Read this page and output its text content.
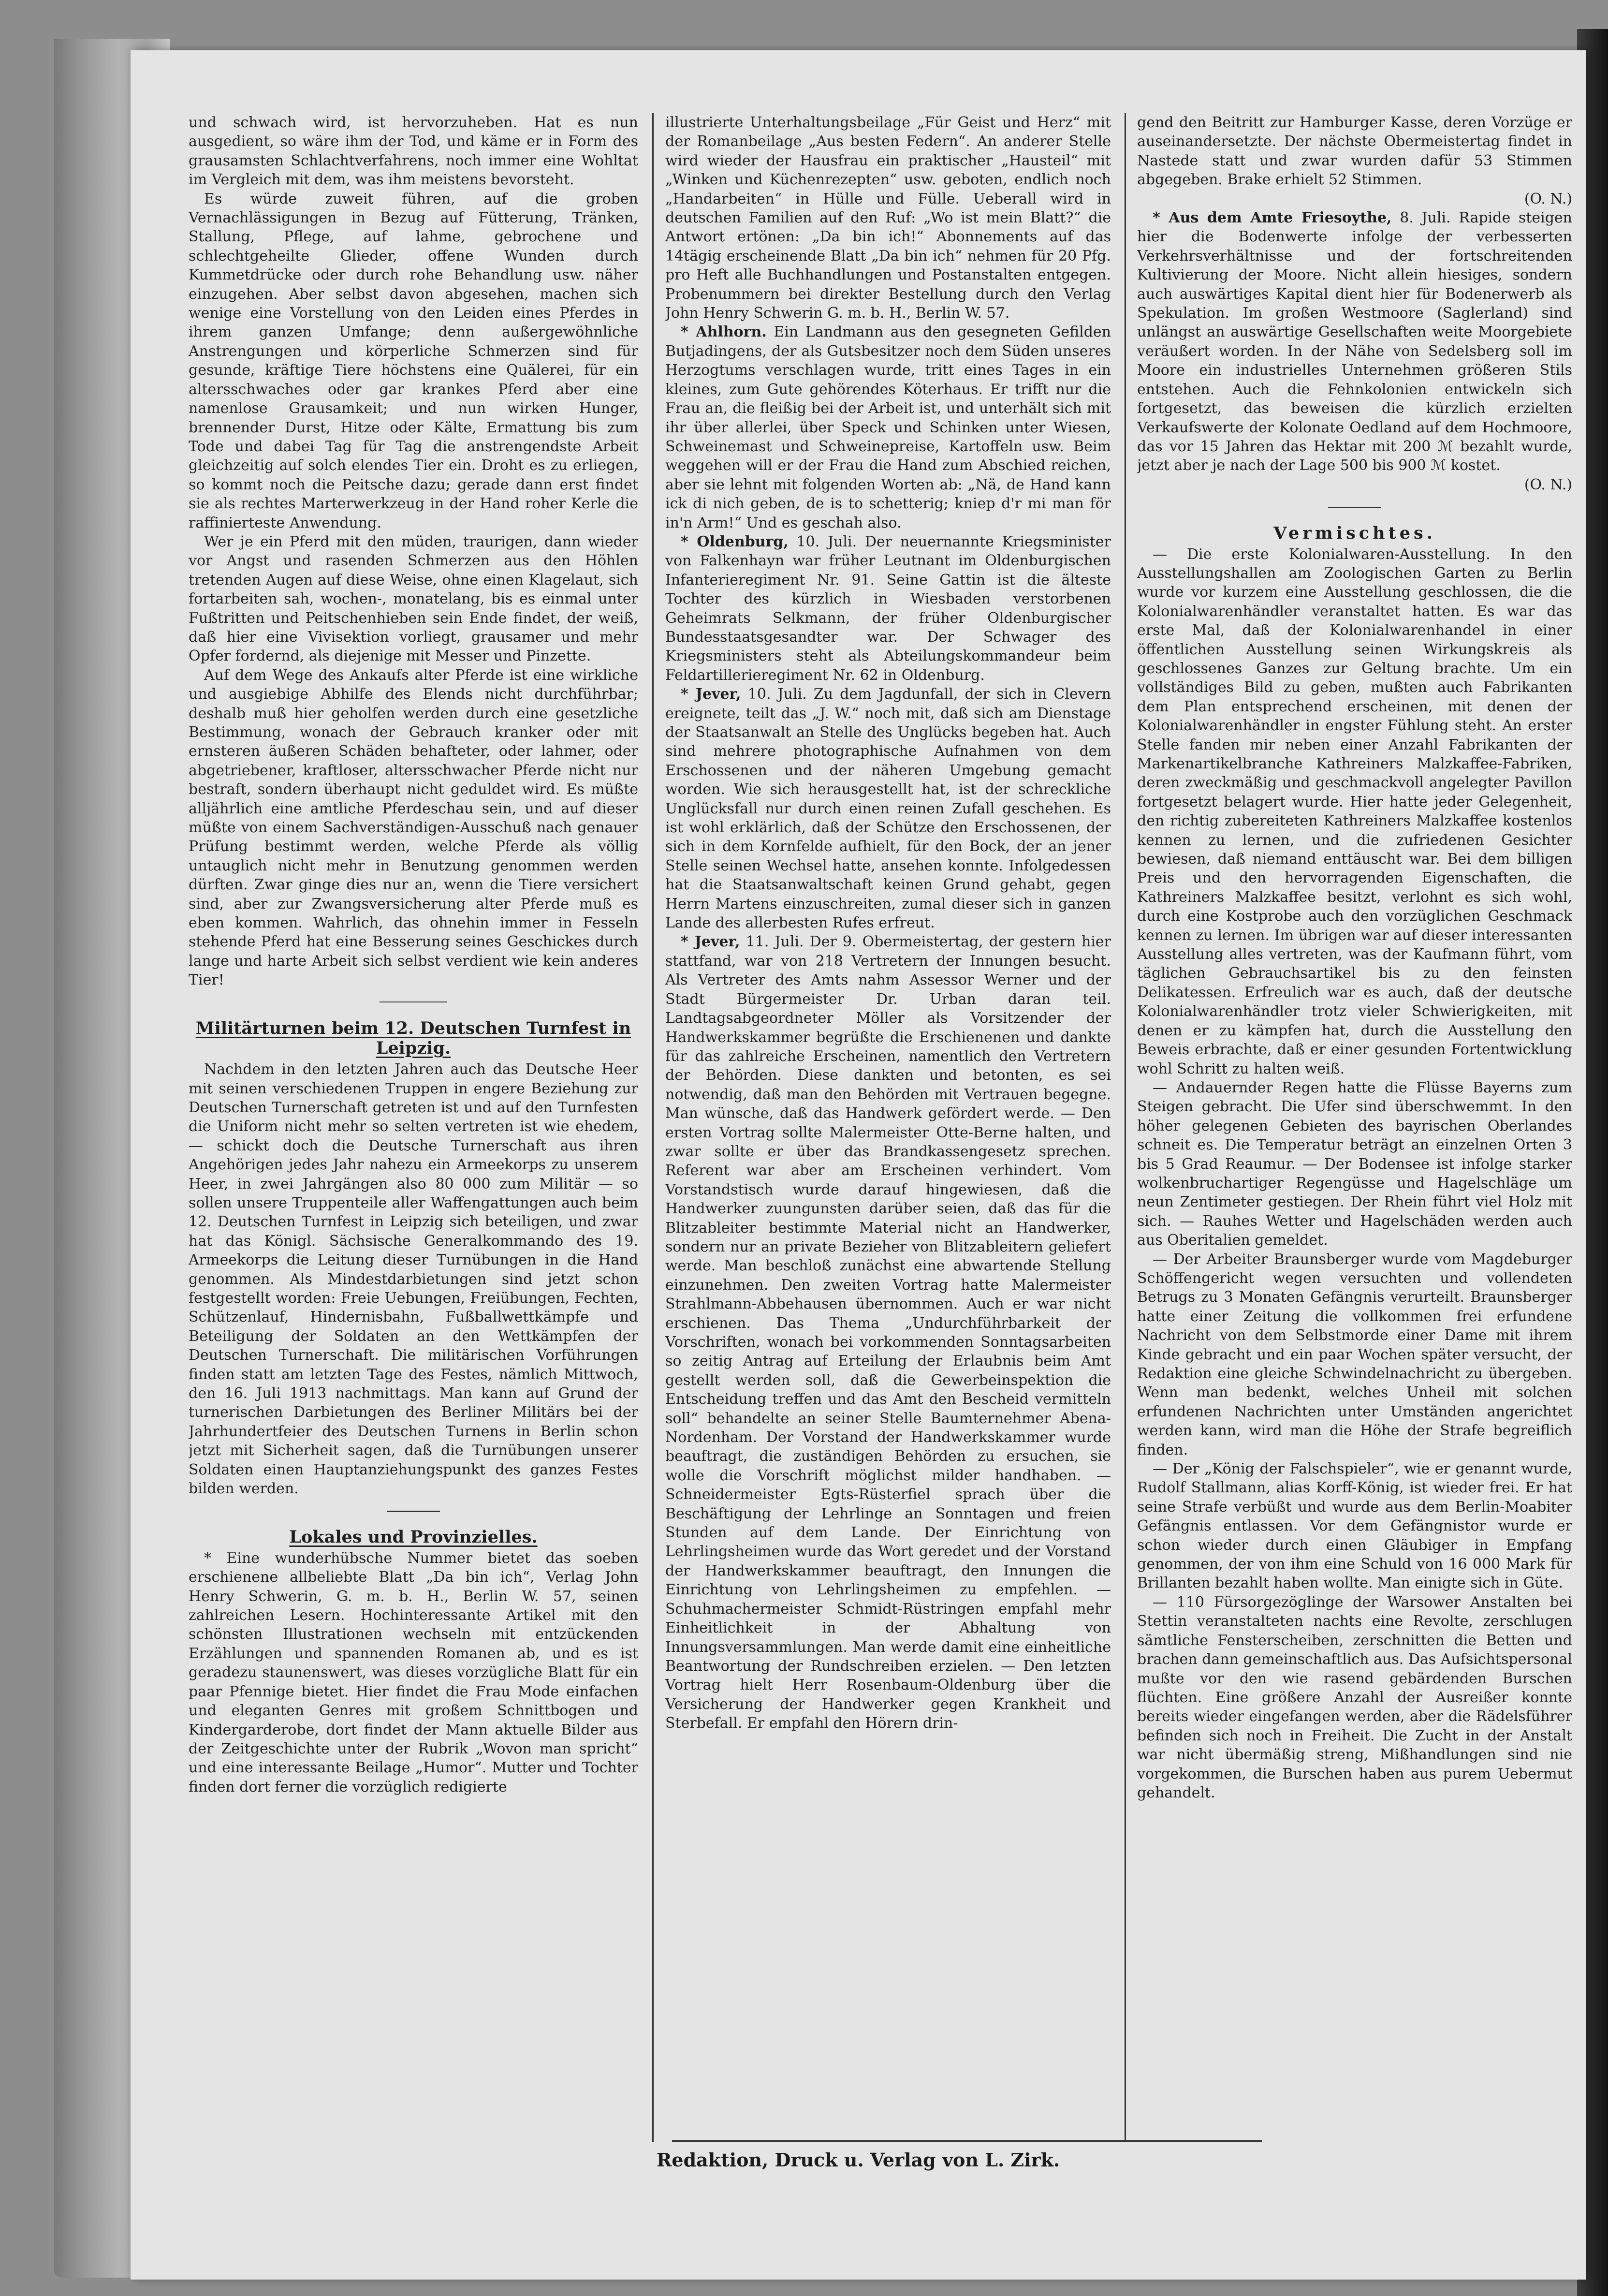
und schwach wird, ist hervorzuheben. Hat es nun ausgedient, so wäre ihm der Tod, und käme er in Form des grausamsten Schlachtverfahrens, noch immer eine Wohltat im Vergleich mit dem, was ihm meistens bevorsteht.

Es würde zuweit führen, auf die groben Vernachlässigungen in Bezug auf Fütterung, Tränken, Stallung, Pflege, auf lahme, gebrochene und schlechtgeheilte Glieder, offene Wunden durch Kummetdrücke oder durch rohe Behandlung usw. näher einzugehen. Aber selbst davon abgesehen, machen sich wenige eine Vorstellung von den Leiden eines Pferdes in ihrem ganzen Umfange; denn außergewöhnliche Anstrengungen und körperliche Schmerzen sind für gesunde, kräftige Tiere höchstens eine Quälerei, für ein altersschwaches oder gar krankes Pferd aber eine namenlose Grausamkeit; und nun wirken Hunger, brennender Durst, Hitze oder Kälte, Ermattung bis zum Tode und dabei Tag für Tag die anstrengendste Arbeit gleichzeitig auf solch elendes Tier ein. Droht es zu erliegen, so kommt noch die Peitsche dazu; gerade dann erst findet sie als rechtes Marterwerkzeug in der Hand roher Kerle die raffinierteste Anwendung.

Wer je ein Pferd mit den müden, traurigen, dann wieder vor Angst und rasenden Schmerzen aus den Höhlen tretenden Augen auf diese Weise, ohne einen Klagelaut, sich fortarbeiten sah, wochen-, monatelang, bis es einmal unter Fußtritten und Peitschenhieben sein Ende findet, der weiß, daß hier eine Vivisektion vorliegt, grausamer und mehr Opfer fordernd, als diejenige mit Messer und Pinzette.

Auf dem Wege des Ankaufs alter Pferde ist eine wirkliche und ausgiebige Abhilfe des Elends nicht durchführbar; deshalb muß hier geholfen werden durch eine gesetzliche Bestimmung, wonach der Gebrauch kranker oder mit ernsteren äußeren Schäden behafteter, oder lahmer, oder abgetriebener, kraftloser, altersschwacher Pferde nicht nur bestraft, sondern überhaupt nicht geduldet wird. Es müßte alljährlich eine amtliche Pferdeschau sein, und auf dieser müßte von einem Sachverständigen-Ausschuß nach genauer Prüfung bestimmt werden, welche Pferde als völlig untauglich nicht mehr in Benutzung genommen werden dürften. Zwar ginge dies nur an, wenn die Tiere versichert sind, aber zur Zwangsversicherung alter Pferde muß es eben kommen. Wahrlich, das ohnehin immer in Fesseln stehende Pferd hat eine Besserung seines Geschickes durch lange und harte Arbeit sich selbst verdient wie kein anderes Tier!

Militärturnen beim 12. Deutschen Turnfest in Leipzig.

Nachdem in den letzten Jahren auch das Deutsche Heer mit seinen verschiedenen Truppen in engere Beziehung zur Deutschen Turnerschaft getreten ist und auf den Turnfesten die Uniform nicht mehr so selten vertreten ist wie ehedem, — schickt doch die Deutsche Turnerschaft aus ihren Angehörigen jedes Jahr nahezu ein Armeekorps zu unserem Heer, in zwei Jahrgängen also 80 000 zum Militär — so sollen unsere Truppenteile aller Waffengattungen auch beim 12. Deutschen Turnfest in Leipzig sich beteiligen, und zwar hat das Königl. Sächsische Generalkommando des 19. Armeekorps die Leitung dieser Turnübungen in die Hand genommen. Als Mindestdarbietungen sind jetzt schon festgestellt worden: Freie Uebungen, Freiübungen, Fechten, Schützenlauf, Hindernisbahn, Fußballwettkämpfe und Beteiligung der Soldaten an den Wettkämpfen der Deutschen Turnerschaft. Die militärischen Vorführungen finden statt am letzten Tage des Festes, nämlich Mittwoch, den 16. Juli 1913 nachmittags. Man kann auf Grund der turnerischen Darbietungen des Berliner Militärs bei der Jahrhundertfeier des Deutschen Turnens in Berlin schon jetzt mit Sicherheit sagen, daß die Turnübungen unserer Soldaten einen Hauptanziehungspunkt des ganzes Festes bilden werden.

Lokales und Provinzielles.

* Eine wunderhübsche Nummer bietet das soeben erschienene allbeliebte Blatt „Da bin ich“, Verlag John Henry Schwerin, G. m. b. H., Berlin W. 57, seinen zahlreichen Lesern. Hochinteressante Artikel mit den schönsten Illustrationen wechseln mit entzückenden Erzählungen und spannenden Romanen ab, und es ist geradezu staunenswert, was dieses vorzügliche Blatt für ein paar Pfennige bietet. Hier findet die Frau Mode einfachen und eleganten Genres mit großem Schnittbogen und Kindergarderobe, dort findet der Mann aktuelle Bilder aus der Zeitgeschichte unter der Rubrik „Wovon man spricht“ und eine interessante Beilage „Humor“. Mutter und Tochter finden dort ferner die vorzüglich redigierte

illustrierte Unterhaltungsbeilage „Für Geist und Herz“ mit der Romanbeilage „Aus besten Federn“. An anderer Stelle wird wieder der Hausfrau ein praktischer „Hausteil“ mit „Winken und Küchenrezepten“ usw. geboten, endlich noch „Handarbeiten“ in Hülle und Fülle. Ueberall wird in deutschen Familien auf den Ruf: „Wo ist mein Blatt?“ die Antwort ertönen: „Da bin ich!“ Abonnements auf das 14tägig erscheinende Blatt „Da bin ich“ nehmen für 20 Pfg. pro Heft alle Buchhandlungen und Postanstalten entgegen. Probenummern bei direkter Bestellung durch den Verlag John Henry Schwerin G. m. b. H., Berlin W. 57.

* Ahlhorn. Ein Landmann aus den gesegneten Gefilden Butjadingens, der als Gutsbesitzer noch dem Süden unseres Herzogtums verschlagen wurde, tritt eines Tages in ein kleines, zum Gute gehörendes Köterhaus. Er trifft nur die Frau an, die fleißig bei der Arbeit ist, und unterhält sich mit ihr über allerlei, über Speck und Schinken unter Wiesen, Schweinemast und Schweinepreise, Kartoffeln usw. Beim weggehen will er der Frau die Hand zum Abschied reichen, aber sie lehnt mit folgenden Worten ab: „Nä, de Hand kann ick di nich geben, de is to schetterig; kniep d'r mi man för in'n Arm!“ Und es geschah also.

* Oldenburg, 10. Juli. Der neuernannte Kriegsminister von Falkenhayn war früher Leutnant im Oldenburgischen Infanterieregiment Nr. 91. Seine Gattin ist die älteste Tochter des kürzlich in Wiesbaden verstorbenen Geheimrats Selkmann, der früher Oldenburgischer Bundesstaatsgesandter war. Der Schwager des Kriegsministers steht als Abteilungskommandeur beim Feldartillerieregiment Nr. 62 in Oldenburg.

* Jever, 10. Juli. Zu dem Jagdunfall, der sich in Clevern ereignete, teilt das „J. W.“ noch mit, daß sich am Dienstage der Staatsanwalt an Stelle des Unglücks begeben hat. Auch sind mehrere photographische Aufnahmen von dem Erschossenen und der näheren Umgebung gemacht worden. Wie sich herausgestellt hat, ist der schreckliche Unglücksfall nur durch einen reinen Zufall geschehen. Es ist wohl erklärlich, daß der Schütze den Erschossenen, der sich in dem Kornfelde aufhielt, für den Bock, der an jener Stelle seinen Wechsel hatte, ansehen konnte. Infolgedessen hat die Staatsanwaltschaft keinen Grund gehabt, gegen Herrn Martens einzuschreiten, zumal dieser sich in ganzen Lande des allerbesten Rufes erfreut.

* Jever, 11. Juli. Der 9. Obermeistertag, der gestern hier stattfand, war von 218 Vertretern der Innungen besucht. Als Vertreter des Amts nahm Assessor Werner und der Stadt Bürgermeister Dr. Urban daran teil. Landtagsabgeordneter Möller als Vorsitzender der Handwerkskammer begrüßte die Erschienenen und dankte für das zahlreiche Erscheinen, namentlich den Vertretern der Behörden. Diese dankten und betonten, es sei notwendig, daß man den Behörden mit Vertrauen begegne. Man wünsche, daß das Handwerk gefördert werde. — Den ersten Vortrag sollte Malermeister Otte-Berne halten, und zwar sollte er über das Brandkassengesetz sprechen. Referent war aber am Erscheinen verhindert. Vom Vorstandstisch wurde darauf hingewiesen, daß die Handwerker zuungunsten darüber seien, daß das für die Blitzableiter bestimmte Material nicht an Handwerker, sondern nur an private Bezieher von Blitzableitern geliefert werde. Man beschloß zunächst eine abwartende Stellung einzunehmen. Den zweiten Vortrag hatte Malermeister Strahlmann-Abbehausen übernommen. Auch er war nicht erschienen. Das Thema „Undurchführbarkeit der Vorschriften, wonach bei vorkommenden Sonntagsarbeiten so zeitig Antrag auf Erteilung der Erlaubnis beim Amt gestellt werden soll, daß die Gewerbeinspektion die Entscheidung treffen und das Amt den Bescheid vermitteln soll“ behandelte an seiner Stelle Baumternehmer Abena-Nordenham. Der Vorstand der Handwerkskammer wurde beauftragt, die zuständigen Behörden zu ersuchen, sie wolle die Vorschrift möglichst milder handhaben. — Schneidermeister Egts-Rüsterfiel sprach über die Beschäftigung der Lehrlinge an Sonntagen und freien Stunden auf dem Lande. Der Einrichtung von Lehrlingsheimen wurde das Wort geredet und der Vorstand der Handwerkskammer beauftragt, den Innungen die Einrichtung von Lehrlingsheimen zu empfehlen. — Schuhmachermeister Schmidt-Rüstringen empfahl mehr Einheitlichkeit in der Abhaltung von Innungsversammlungen. Man werde damit eine einheitliche Beantwortung der Rundschreiben erzielen. — Den letzten Vortrag hielt Herr Rosenbaum-Oldenburg über die Versicherung der Handwerker gegen Krankheit und Sterbefall. Er empfahl den Hörern drin-

gend den Beitritt zur Hamburger Kasse, deren Vorzüge er auseinandersetzte. Der nächste Obermeistertag findet in Nastede statt und zwar wurden dafür 53 Stimmen abgegeben. Brake erhielt 52 Stimmen.

(O. N.)

* Aus dem Amte Friesoythe, 8. Juli. Rapide steigen hier die Bodenwerte infolge der verbesserten Verkehrsverhältnisse und der fortschreitenden Kultivierung der Moore. Nicht allein hiesiges, sondern auch auswärtiges Kapital dient hier für Bodenerwerb als Spekulation. Im großen Westmoore (Saglerland) sind unlängst an auswärtige Gesellschaften weite Moorgebiete veräußert worden. In der Nähe von Sedelsberg soll im Moore ein industrielles Unternehmen größeren Stils entstehen. Auch die Fehnkolonien entwickeln sich fortgesetzt, das beweisen die kürzlich erzielten Verkaufswerte der Kolonate Oedland auf dem Hochmoore, das vor 15 Jahren das Hektar mit 200 ℳ bezahlt wurde, jetzt aber je nach der Lage 500 bis 900 ℳ kostet.

(O. N.)
Vermischtes.

— Die erste Kolonialwaren-Ausstellung. In den Ausstellungshallen am Zoologischen Garten zu Berlin wurde vor kurzem eine Ausstellung geschlossen, die die Kolonialwarenhändler veranstaltet hatten. Es war das erste Mal, daß der Kolonialwarenhandel in einer öffentlichen Ausstellung seinen Wirkungskreis als geschlossenes Ganzes zur Geltung brachte. Um ein vollständiges Bild zu geben, mußten auch Fabrikanten dem Plan entsprechend erscheinen, mit denen der Kolonialwarenhändler in engster Fühlung steht. An erster Stelle fanden mir neben einer Anzahl Fabrikanten der Markenartikelbranche Kathreiners Malzkaffee-Fabriken, deren zweckmäßig und geschmackvoll angelegter Pavillon fortgesetzt belagert wurde. Hier hatte jeder Gelegenheit, den richtig zubereiteten Kathreiners Malzkaffee kostenlos kennen zu lernen, und die zufriedenen Gesichter bewiesen, daß niemand enttäuscht war. Bei dem billigen Preis und den hervorragenden Eigenschaften, die Kathreiners Malzkaffee besitzt, verlohnt es sich wohl, durch eine Kostprobe auch den vorzüglichen Geschmack kennen zu lernen. Im übrigen war auf dieser interessanten Ausstellung alles vertreten, was der Kaufmann führt, vom täglichen Gebrauchsartikel bis zu den feinsten Delikatessen. Erfreulich war es auch, daß der deutsche Kolonialwarenhändler trotz vieler Schwierigkeiten, mit denen er zu kämpfen hat, durch die Ausstellung den Beweis erbrachte, daß er einer gesunden Fortentwicklung wohl Schritt zu halten weiß.

— Andauernder Regen hatte die Flüsse Bayerns zum Steigen gebracht. Die Ufer sind überschwemmt. In den höher gelegenen Gebieten des bayrischen Oberlandes schneit es. Die Temperatur beträgt an einzelnen Orten 3 bis 5 Grad Reaumur. — Der Bodensee ist infolge starker wolkenbruchartiger Regengüsse und Hagelschläge um neun Zentimeter gestiegen. Der Rhein führt viel Holz mit sich. — Rauhes Wetter und Hagelschäden werden auch aus Oberitalien gemeldet.

— Der Arbeiter Braunsberger wurde vom Magdeburger Schöffengericht wegen versuchten und vollendeten Betrugs zu 3 Monaten Gefängnis verurteilt. Braunsberger hatte einer Zeitung die vollkommen frei erfundene Nachricht von dem Selbstmorde einer Dame mit ihrem Kinde gebracht und ein paar Wochen später versucht, der Redaktion eine gleiche Schwindelnachricht zu übergeben. Wenn man bedenkt, welches Unheil mit solchen erfundenen Nachrichten unter Umständen angerichtet werden kann, wird man die Höhe der Strafe begreiflich finden.

— Der „König der Falschspieler“, wie er genannt wurde, Rudolf Stallmann, alias Korff-König, ist wieder frei. Er hat seine Strafe verbüßt und wurde aus dem Berlin-Moabiter Gefängnis entlassen. Vor dem Gefängnistor wurde er schon wieder durch einen Gläubiger in Empfang genommen, der von ihm eine Schuld von 16 000 Mark für Brillanten bezahlt haben wollte. Man einigte sich in Güte.

— 110 Fürsorgezöglinge der Warsower Anstalten bei Stettin veranstalteten nachts eine Revolte, zerschlugen sämtliche Fensterscheiben, zerschnitten die Betten und brachen dann gemeinschaftlich aus. Das Aufsichtspersonal mußte vor den wie rasend gebärdenden Burschen flüchten. Eine größere Anzahl der Ausreißer konnte bereits wieder eingefangen werden, aber die Rädelsführer befinden sich noch in Freiheit. Die Zucht in der Anstalt war nicht übermäßig streng, Mißhandlungen sind nie vorgekommen, die Burschen haben aus purem Uebermut gehandelt.

Redaktion, Druck u. Verlag von L. Zirk.
